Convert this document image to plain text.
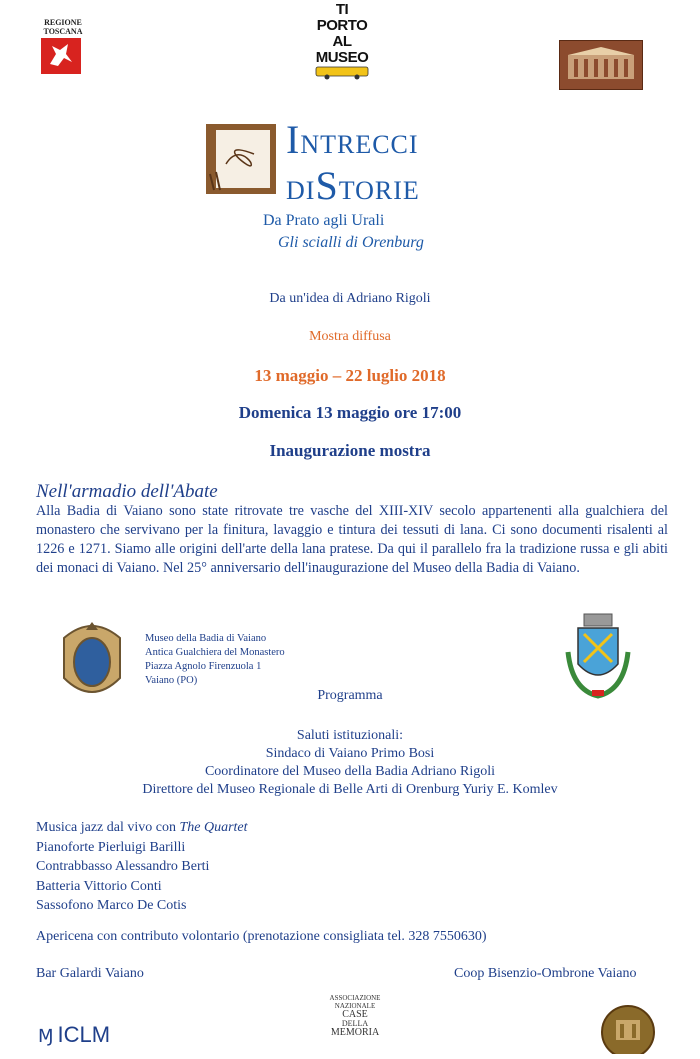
REGIONE TOSCANA
TI
PORTO
AL
MUSEO
INTRECCI
DISTORIE
Da Prato agli Urali
Gli scialli di Orenburg
Da un'idea di Adriano Rigoli
Mostra diffusa
13 maggio – 22 luglio 2018
Domenica 13 maggio ore 17:00
Inaugurazione mostra
Nell'armadio dell'Abate
Alla Badia di Vaiano sono state ritrovate tre vasche del XIII-XIV secolo appartenenti alla gualchiera del monastero che servivano per la finitura, lavaggio e tintura dei tessuti di lana. Ci sono documenti risalenti al 1226 e 1271. Siamo alle origini dell'arte della lana pratese. Da qui il parallelo fra la tradizione russa e gli abiti dei monaci di Vaiano. Nel 25° anniversario dell'inaugurazione del Museo della Badia di Vaiano.
Museo della Badia di Vaiano
Antica Gualchiera del Monastero
Piazza Agnolo Firenzuola 1
Vaiano (PO)
Programma
Saluti istituzionali:
Sindaco di Vaiano Primo Bosi
Coordinatore del Museo della Badia Adriano Rigoli
Direttore del Museo Regionale di Belle Arti di Orenburg Yuriy E. Komlev
Musica jazz dal vivo con The Quartet
Pianoforte Pierluigi Barilli
Contrabbasso Alessandro Berti
Batteria Vittorio Conti
Sassofono Marco De Cotis
Apericena con contributo volontario (prenotazione consigliata tel. 328 7550630)
Bar Galardi Vaiano	Coop Bisenzio-Ombrone Vaiano
Ɱ ICLM
ASSOCIAZIONE
NAZIONALE
CASE
DELLA
MEMORIA
